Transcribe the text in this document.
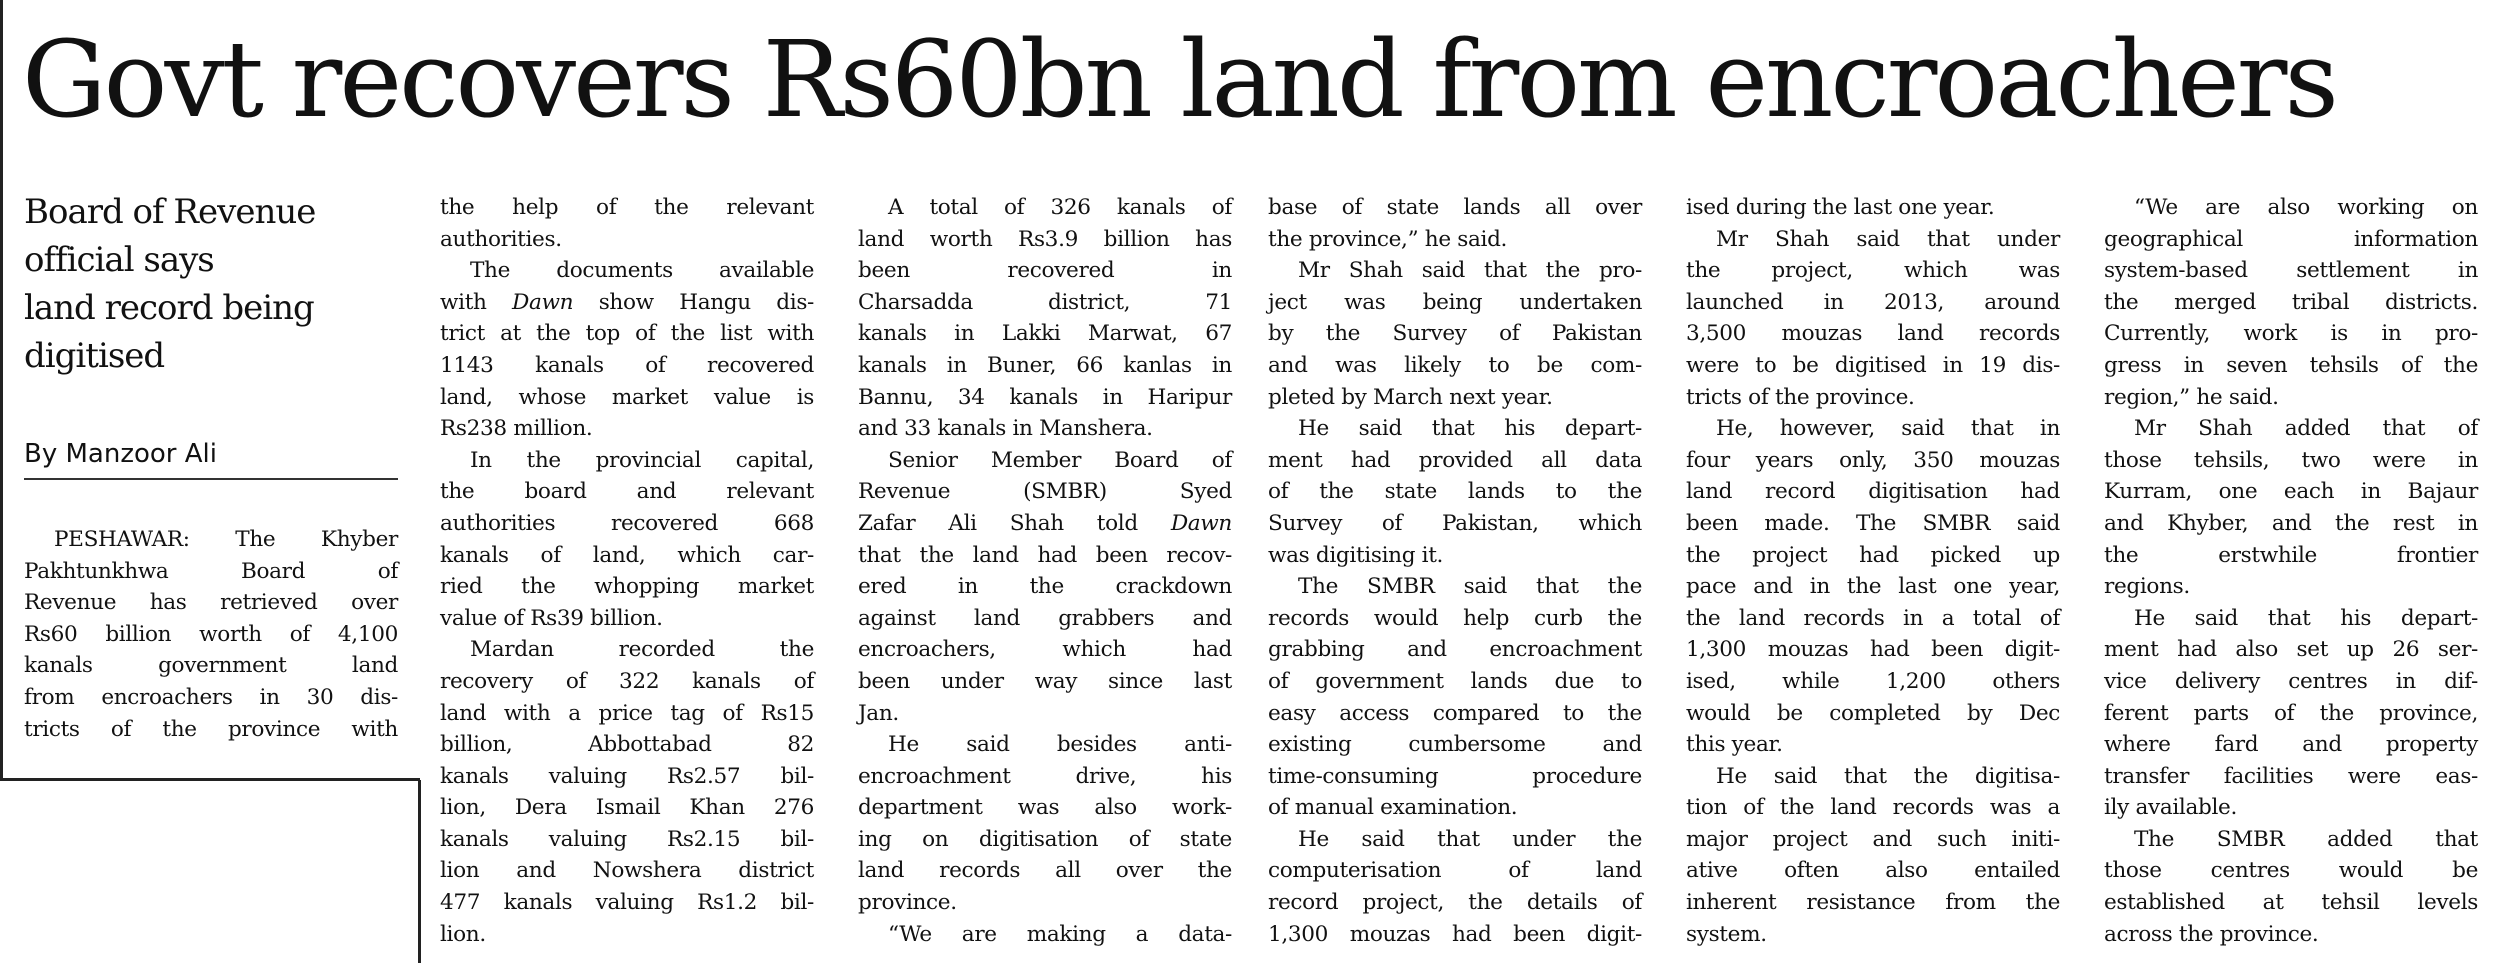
Govt recovers Rs60bn land from encroachers
Board of Revenue
official says
land record being
digitised
By Manzoor Ali
PESHAWAR: The Khyber
Pakhtunkhwa Board of
Revenue has retrieved over
Rs60 billion worth of 4,100
kanals government land
from encroachers in 30 dis-
tricts of the province with
the help of the relevant
authorities.
The documents available
with Dawn show Hangu dis-
trict at the top of the list with
1143 kanals of recovered
land, whose market value is
Rs238 million.
In the provincial capital,
the board and relevant
authorities recovered 668
kanals of land, which car-
ried the whopping market
value of Rs39 billion.
Mardan recorded the
recovery of 322 kanals of
land with a price tag of Rs15
billion, Abbottabad 82
kanals valuing Rs2.57 bil-
lion, Dera Ismail Khan 276
kanals valuing Rs2.15 bil-
lion and Nowshera district
477 kanals valuing Rs1.2 bil-
lion.
A total of 326 kanals of
land worth Rs3.9 billion has
been recovered in
Charsadda district, 71
kanals in Lakki Marwat, 67
kanals in Buner, 66 kanlas in
Bannu, 34 kanals in Haripur
and 33 kanals in Manshera.
Senior Member Board of
Revenue (SMBR) Syed
Zafar Ali Shah told Dawn
that the land had been recov-
ered in the crackdown
against land grabbers and
encroachers, which had
been under way since last
Jan.
He said besides anti-
encroachment drive, his
department was also work-
ing on digitisation of state
land records all over the
province.
“We are making a data-
base of state lands all over
the province,” he said.
Mr Shah said that the pro-
ject was being undertaken
by the Survey of Pakistan
and was likely to be com-
pleted by March next year.
He said that his depart-
ment had provided all data
of the state lands to the
Survey of Pakistan, which
was digitising it.
The SMBR said that the
records would help curb the
grabbing and encroachment
of government lands due to
easy access compared to the
existing cumbersome and
time-consuming procedure
of manual examination.
He said that under the
computerisation of land
record project, the details of
1,300 mouzas had been digit-
ised during the last one year.
Mr Shah said that under
the project, which was
launched in 2013, around
3,500 mouzas land records
were to be digitised in 19 dis-
tricts of the province.
He, however, said that in
four years only, 350 mouzas
land record digitisation had
been made. The SMBR said
the project had picked up
pace and in the last one year,
the land records in a total of
1,300 mouzas had been digit-
ised, while 1,200 others
would be completed by Dec
this year.
He said that the digitisa-
tion of the land records was a
major project and such initi-
ative often also entailed
inherent resistance from the
system.
“We are also working on
geographical information
system-based settlement in
the merged tribal districts.
Currently, work is in pro-
gress in seven tehsils of the
region,” he said.
Mr Shah added that of
those tehsils, two were in
Kurram, one each in Bajaur
and Khyber, and the rest in
the erstwhile frontier
regions.
He said that his depart-
ment had also set up 26 ser-
vice delivery centres in dif-
ferent parts of the province,
where fard and property
transfer facilities were eas-
ily available.
The SMBR added that
those centres would be
established at tehsil levels
across the province.
